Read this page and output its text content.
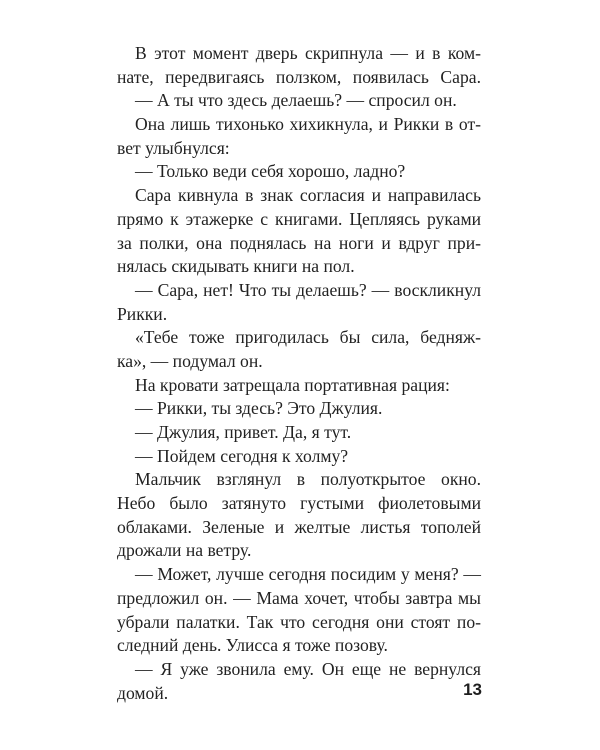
В этот момент дверь скрипнула — и в ком-
нате, передвигаясь ползком, появилась Сара.
— А ты что здесь делаешь? — спросил он.
Она лишь тихонько хихикнула, и Рикки в от-
вет улыбнулся:
— Только веди себя хорошо, ладно?
Сара кивнула в знак согласия и направилась
прямо к этажерке с книгами. Цепляясь руками
за полки, она поднялась на ноги и вдруг при-
нялась скидывать книги на пол.
— Сара, нет! Что ты делаешь? — воскликнул
Рикки.
«Тебе тоже пригодилась бы сила, бедняж-
ка», — подумал он.
На кровати затрещала портативная рация:
— Рикки, ты здесь? Это Джулия.
— Джулия, привет. Да, я тут.
— Пойдем сегодня к холму?
Мальчик взглянул в полуоткрытое окно.
Небо было затянуто густыми фиолетовыми
облаками. Зеленые и желтые листья тополей
дрожали на ветру.
— Может, лучше сегодня посидим у меня? —
предложил он. — Мама хочет, чтобы завтра мы
убрали палатки. Так что сегодня они стоят по-
следний день. Улисса я тоже позову.
— Я уже звонила ему. Он еще не вернулся
домой.	13
